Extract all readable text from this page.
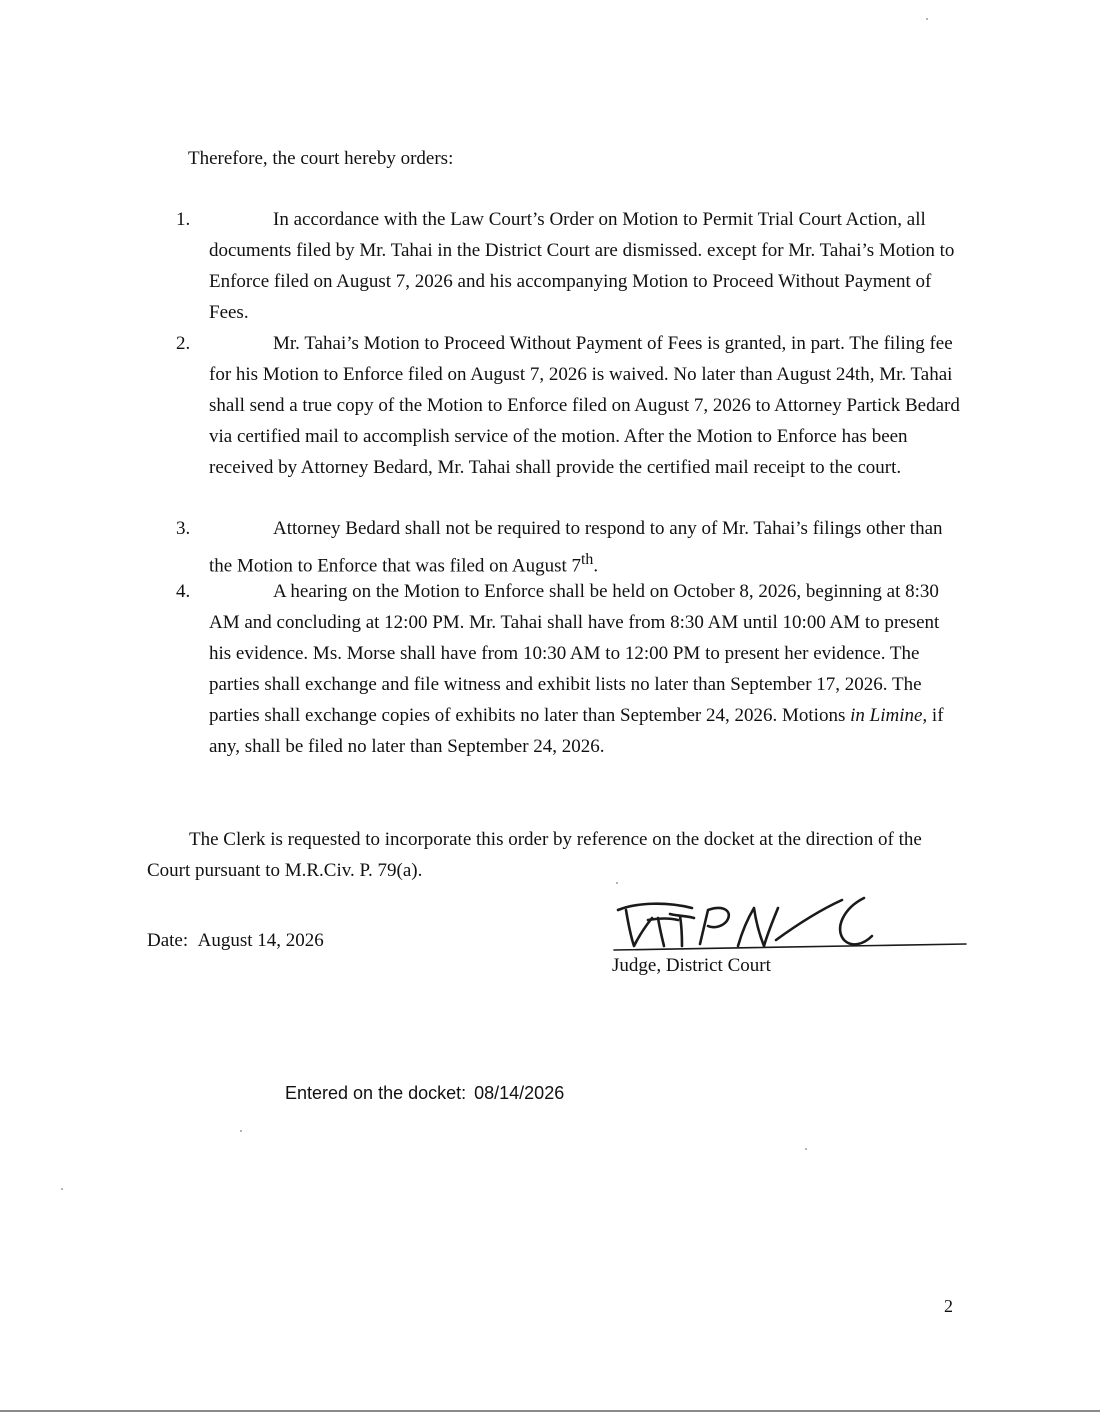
Therefore, the court hereby orders:
1.	In accordance with the Law Court’s Order on Motion to Permit Trial Court Action, all documents filed by Mr. Tahai in the District Court are dismissed. except for Mr. Tahai’s Motion to Enforce filed on August 7, 2026 and his accompanying Motion to Proceed Without Payment of Fees.

2.	Mr. Tahai’s Motion to Proceed Without Payment of Fees is granted, in part. The filing fee for his Motion to Enforce filed on August 7, 2026 is waived. No later than August 24th, Mr. Tahai shall send a true copy of the Motion to Enforce filed on August 7, 2026 to Attorney Partick Bedard via certified mail to accomplish service of the motion. After the Motion to Enforce has been received by Attorney Bedard, Mr. Tahai shall provide the certified mail receipt to the court.

3.	Attorney Bedard shall not be required to respond to any of Mr. Tahai’s filings other than the Motion to Enforce that was filed on August 7th.

4.	A hearing on the Motion to Enforce shall be held on October 8, 2026, beginning at 8:30 AM and concluding at 12:00 PM. Mr. Tahai shall have from 8:30 AM until 10:00 AM to present his evidence. Ms. Morse shall have from 10:30 AM to 12:00 PM to present her evidence. The parties shall exchange and file witness and exhibit lists no later than September 17, 2026. The parties shall exchange copies of exhibits no later than September 24, 2026. Motions in Limine, if any, shall be filed no later than September 24, 2026.

The Clerk is requested to incorporate this order by reference on the docket at the direction of the Court pursuant to M.R.Civ. P. 79(a).
Date: August 14, 2026
Judge, District Court
Entered on the docket: 08/14/2026
2
